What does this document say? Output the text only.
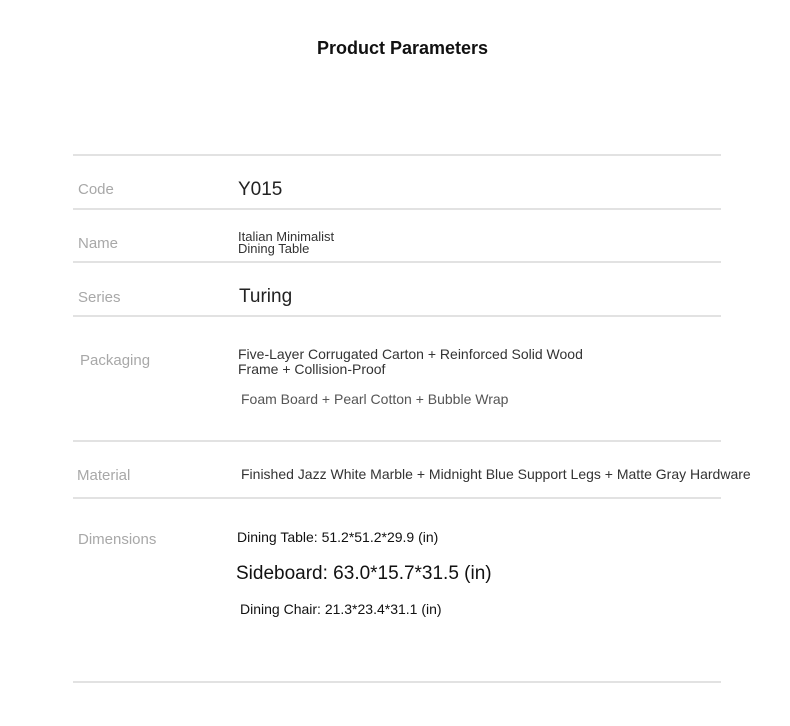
Product Parameters
Code	Y015
Name	Italian Minimalist
Dining Table
Series	Turing
Packaging	Five-Layer Corrugated Carton + Reinforced Solid Wood
Frame + Collision-Proof
Foam Board + Pearl Cotton + Bubble Wrap
Material	Finished Jazz White Marble + Midnight Blue Support Legs + Matte Gray Hardware
Dimensions	Dining Table: 51.2*51.2*29.9 (in)
Sideboard: 63.0*15.7*31.5 (in)
Dining Chair: 21.3*23.4*31.1 (in)
